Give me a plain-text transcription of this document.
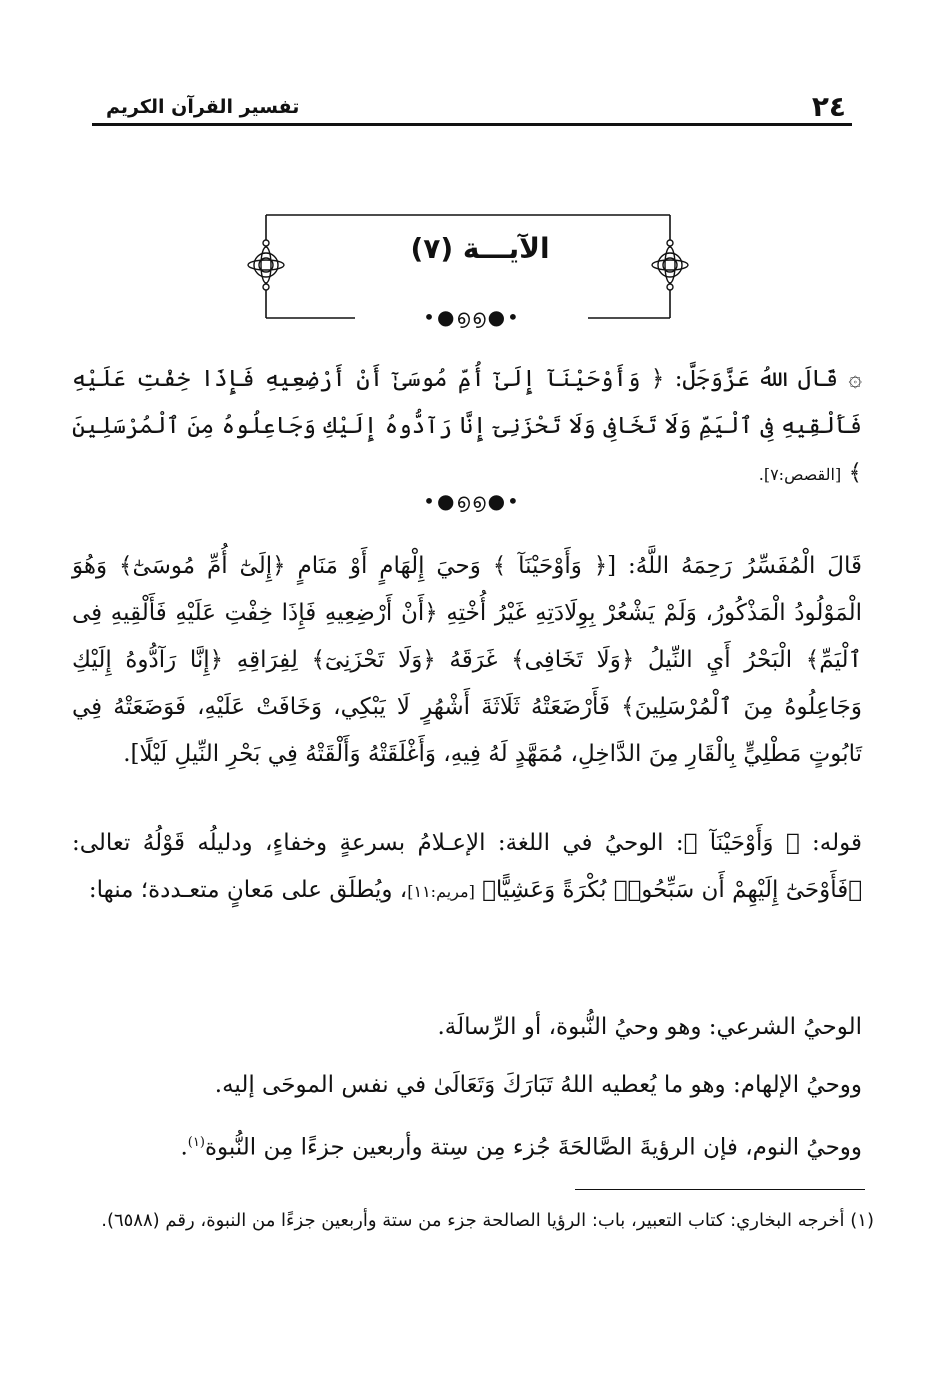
٢٤
تفسير القرآن الكريم
الآيـــة (٧)
•●൭൭●•

۞ قَالَ اللهُ عَزَّوَجَلَّ: ﴿ وَأَوْحَيْنَآ إِلَىٰٓ أُمِّ مُوسَىٰٓ أَنْ أَرْضِعِيهِ فَإِذَا خِفْتِ عَلَيْهِ فَأَلْقِيهِ فِى ٱلْيَمِّ وَلَا تَخَافِى وَلَا تَحْزَنِىٓ إِنَّا رَآدُّوهُ إِلَيْكِ وَجَاعِلُوهُ مِنَ ٱلْمُرْسَلِينَ ﴾ [القصص:٧].

•●൭൭●•

قَالَ الْمُفَسِّرُ رَحِمَهُ اللَّهُ: [﴿ وَأَوْحَيْنَآ ﴾ وَحيَ إِلْهَامٍ أَوْ مَنَامٍ ﴿إِلَىٰٓ أُمِّ مُوسَىٰٓ﴾ وَهُوَ الْمَوْلُودُ الْمَذْكُورُ، وَلَمْ يَشْعُرْ بِوِلَادَتِهِ غَيْرُ أُخْتِهِ ﴿أَنْ أَرْضِعِيهِ فَإِذَا خِفْتِ عَلَيْهِ فَأَلْقِيهِ فِى ٱلْيَمِّ﴾ الْبَحْرُ أَيِ النِّيلُ ﴿وَلَا تَخَافِى﴾ غَرَقَهُ ﴿وَلَا تَحْزَنِىٓ﴾ لِفِرَاقِهِ ﴿إِنَّا رَآدُّوهُ إِلَيْكِ وَجَاعِلُوهُ مِنَ ٱلْمُرْسَلِينَ﴾ فَأَرْضَعَتْهُ ثَلَاثَةَ أَشْهُرٍ لَا يَبْكِي، وَخَافَتْ عَلَيْهِ، فَوَضَعَتْهُ فِي تَابُوتٍ مَطْلِيٍّ بِالْقَارِ مِنَ الدَّاخِلِ، مُمَهَّدٍ لَهُ فِيهِ، وَأَغْلَقَتْهُ وَأَلْقَتْهُ فِي بَحْرِ النِّيلِ لَيْلًا].

قوله: ﴿ وَأَوْحَيْنَآ ﴾: الوحيُ في اللغة: الإعـلامُ بسرعةٍ وخفاءٍ، ودليلُه قَوْلُهُ تعالى: ﴿فَأَوْحَىٰٓ إِلَيْهِمْ أَن سَبِّحُوا۟ بُكْرَةً وَعَشِيًّا﴾ [مريم:١١]، ويُطلَق على مَعانٍ متعـددة؛ منها:

الوحيُ الشرعي: وهو وحيُ النُّبوة، أو الرِّسالَة.

ووحيُ الإلهام: وهو ما يُعطيه اللهُ تَبَارَكَ وَتَعَالَىٰ في نفس الموحَى إليه.

ووحيُ النوم، فإن الرؤيةَ الصَّالحَةَ جُزء مِن سِتة وأربعين جزءًا مِن النُّبوة$^{(١)}$.

(١) أخرجه البخاري: كتاب التعبير، باب: الرؤيا الصالحة جزء من ستة وأربعين جزءًا من النبوة، رقم (٦٥٨٨).
